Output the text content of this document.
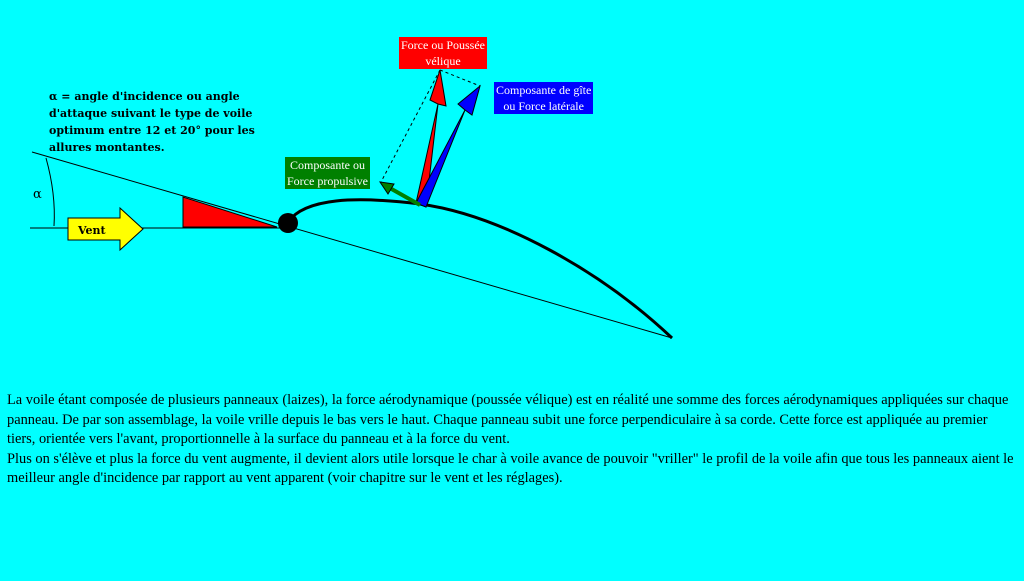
α
Vent
α = angle d'incidence ou angle d'attaque suivant le type de voile optimum entre 12 et 20° pour les allures montantes.
Force ou Poussée
vélique
Composante de gîte
ou Force latérale
Composante ou
Force propulsive

La voile étant composée de plusieurs panneaux (laizes), la force aérodynamique (poussée vélique) est en réalité une somme des forces aérodynamiques appliquées sur chaque panneau. De par son assemblage, la voile vrille depuis le bas vers le haut. Chaque panneau subit une force perpendiculaire à sa corde. Cette force est appliquée au premier tiers, orientée vers l'avant, proportionnelle à la surface du panneau et à la force du vent.

Plus on s'élève et plus la force du vent augmente, il devient alors utile lorsque le char à voile avance de pouvoir "vriller" le profil de la voile afin que tous les panneaux aient le meilleur angle d'incidence par rapport au vent apparent (voir chapitre sur le vent et les réglages).
